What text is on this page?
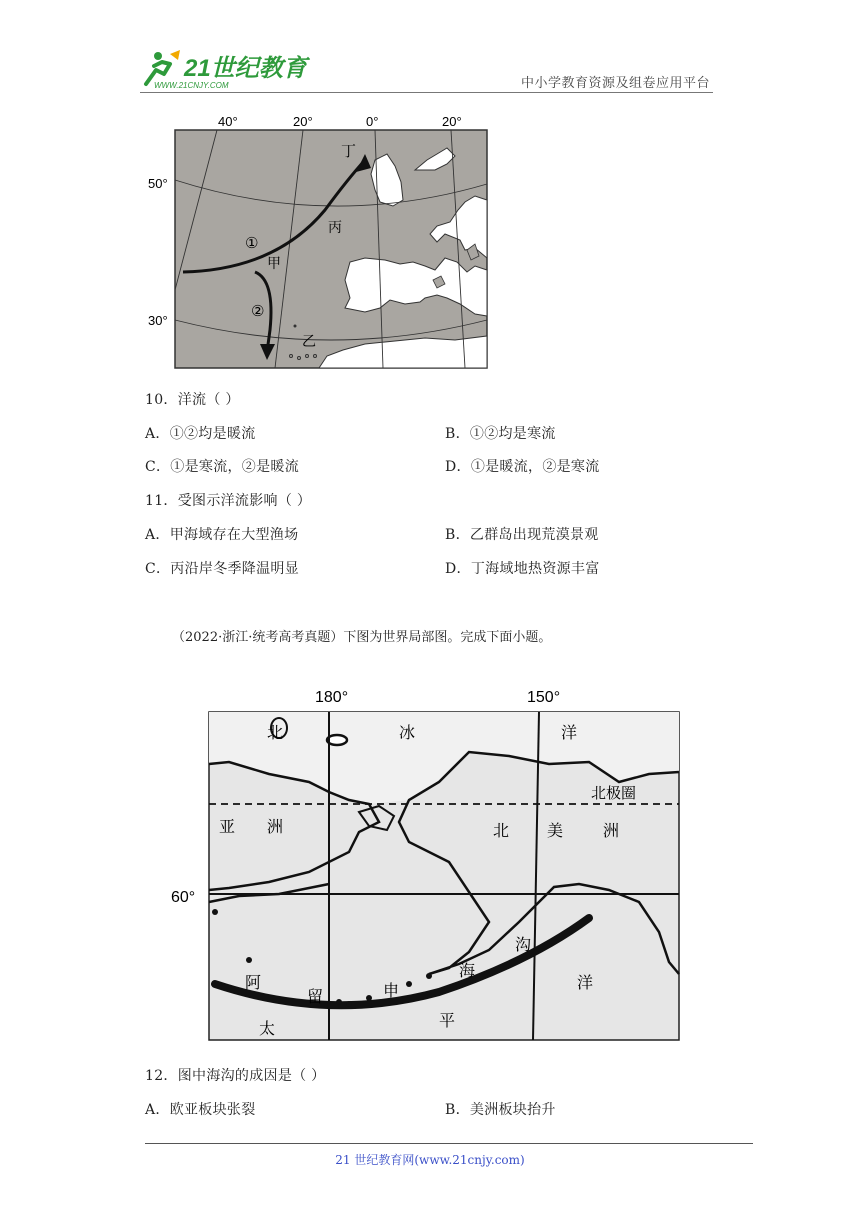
21世纪教育
WWW.21CNJY.COM	中小学教育资源及组卷应用平台
40°	20°	0°	20°
50°
30°
丁
丙
甲
乙
①
②
10．洋流（ ）
A．①②均是暖流	B．①②均是寒流
C．①是寒流，②是暖流	D．①是暖流，②是寒流
11．受图示洋流影响（ ）
A．甲海域存在大型渔场	B．乙群岛出现荒漠景观
C．丙沿岸冬季降温明显	D．丁海域地热资源丰富
（2022·浙江·统考高考真题）下图为世界局部图。完成下面小题。
180°	150°
60°
北	冰	洋
北极圈
亚 洲	北 美 洲
沟
海
阿
留	申	洋
太	平
12．图中海沟的成因是（ ）
A．欧亚板块张裂	B．美洲板块抬升
21 世纪教育网(www.21cnjy.com)
